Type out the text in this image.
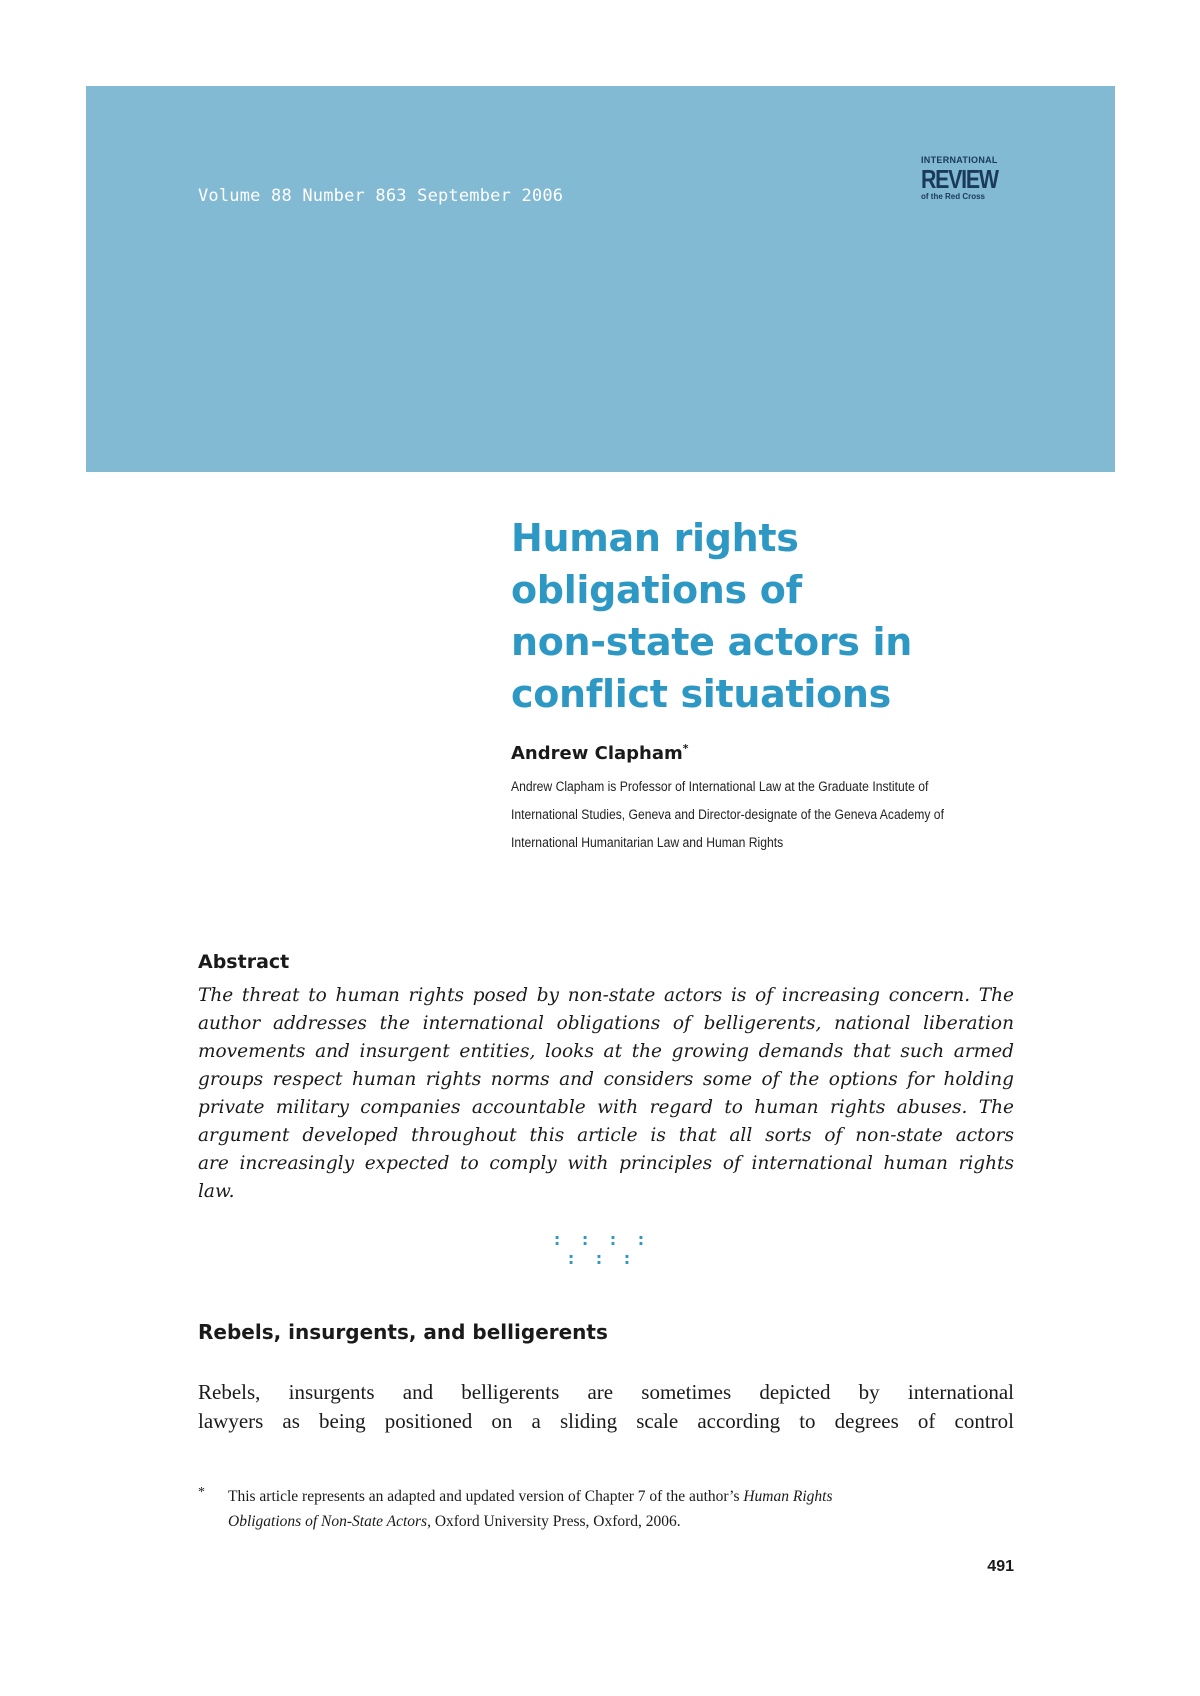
Volume 88 Number 863 September 2006
INTERNATIONAL
REVIEW
of the Red Cross
Human rights
obligations of
non-state actors in
conflict situations
Andrew Clapham*
Andrew Clapham is Professor of International Law at the Graduate Institute of
International Studies, Geneva and Director-designate of the Geneva Academy of
International Humanitarian Law and Human Rights
Abstract
The threat to human rights posed by non-state actors is of increasing concern. The
author addresses the international obligations of belligerents, national liberation
movements and insurgent entities, looks at the growing demands that such armed
groups respect human rights norms and considers some of the options for holding
private military companies accountable with regard to human rights abuses. The
argument developed throughout this article is that all sorts of non-state actors
are increasingly expected to comply with principles of international human rights
law.
: : : : : : :
Rebels, insurgents, and belligerents
Rebels, insurgents and belligerents are sometimes depicted by international
lawyers as being positioned on a sliding scale according to degrees of control
* This article represents an adapted and updated version of Chapter 7 of the author’s Human Rights
Obligations of Non-State Actors, Oxford University Press, Oxford, 2006.
491
